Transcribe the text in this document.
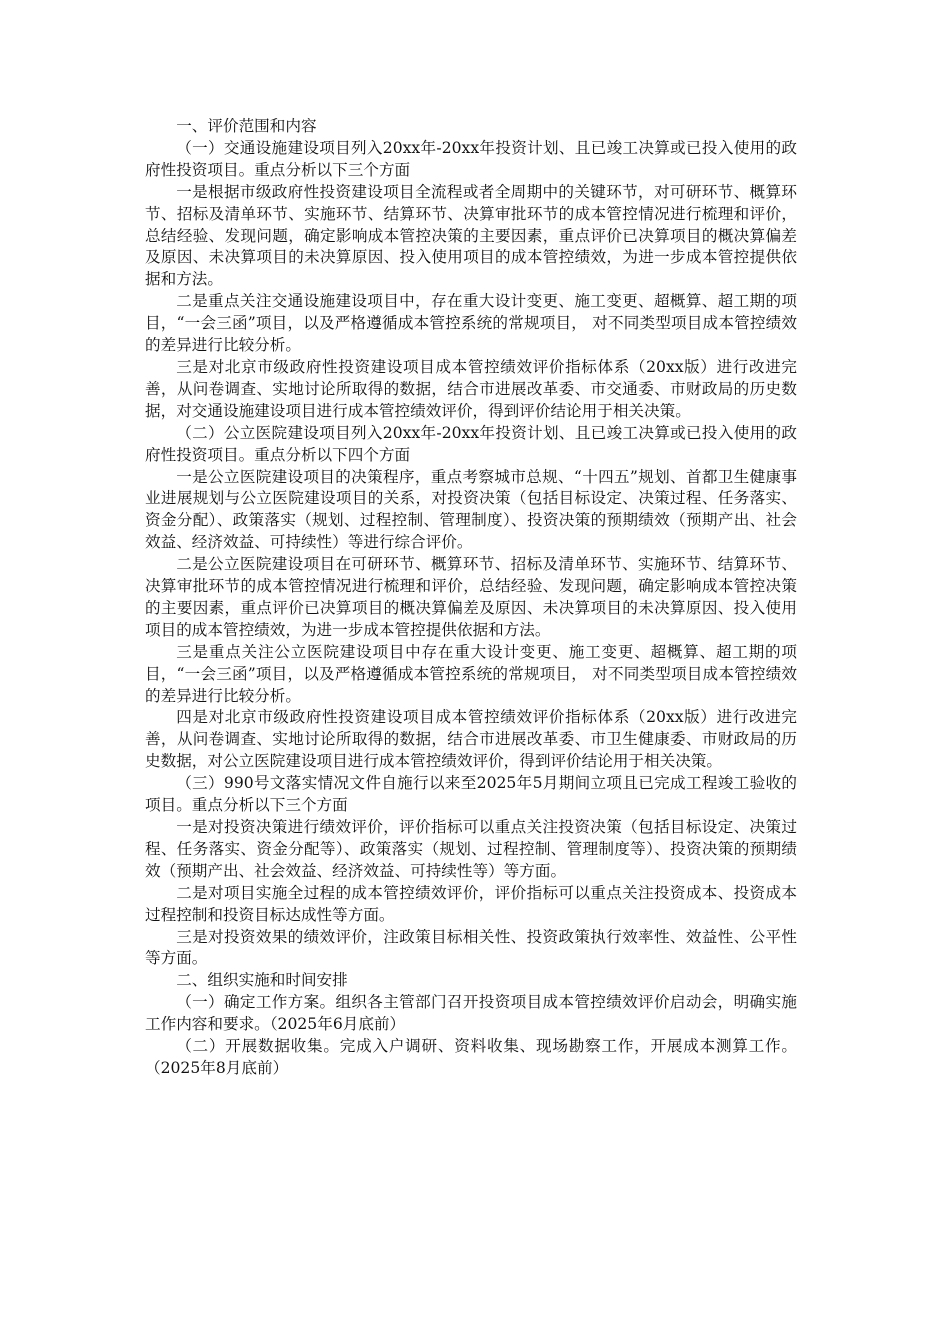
一、评价范围和内容

（一）交通设施建设项目列入20xx年-20xx年投资计划、且已竣工决算或已投入使用的政府性投资项目。重点分析以下三个方面

一是根据市级政府性投资建设项目全流程或者全周期中的关键环节，对可研环节、概算环节、招标及清单环节、实施环节、结算环节、决算审批环节的成本管控情况进行梳理和评价，总结经验、发现问题，确定影响成本管控决策的主要因素，重点评价已决算项目的概决算偏差及原因、未决算项目的未决算原因、投入使用项目的成本管控绩效，为进一步成本管控提供依据和方法。

二是重点关注交通设施建设项目中，存在重大设计变更、施工变更、超概算、超工期的项目，“一会三函”项目，以及严格遵循成本管控系统的常规项目， 对不同类型项目成本管控绩效的差异进行比较分析。

三是对北京市级政府性投资建设项目成本管控绩效评价指标体系（20xx版）进行改进完善，从问卷调查、实地讨论所取得的数据，结合市进展改革委、市交通委、市财政局的历史数据，对交通设施建设项目进行成本管控绩效评价，得到评价结论用于相关决策。

（二）公立医院建设项目列入20xx年-20xx年投资计划、且已竣工决算或已投入使用的政府性投资项目。重点分析以下四个方面

一是公立医院建设项目的决策程序，重点考察城市总规、“十四五”规划、首都卫生健康事业进展规划与公立医院建设项目的关系，对投资决策（包括目标设定、决策过程、任务落实、资金分配）、政策落实（规划、过程控制、管理制度）、投资决策的预期绩效（预期产出、社会效益、经济效益、可持续性）等进行综合评价。

二是公立医院建设项目在可研环节、概算环节、招标及清单环节、实施环节、结算环节、决算审批环节的成本管控情况进行梳理和评价，总结经验、发现问题，确定影响成本管控决策的主要因素，重点评价已决算项目的概决算偏差及原因、未决算项目的未决算原因、投入使用项目的成本管控绩效，为进一步成本管控提供依据和方法。

三是重点关注公立医院建设项目中存在重大设计变更、施工变更、超概算、超工期的项目，“一会三函”项目，以及严格遵循成本管控系统的常规项目， 对不同类型项目成本管控绩效的差异进行比较分析。

四是对北京市级政府性投资建设项目成本管控绩效评价指标体系（20xx版）进行改进完善，从问卷调查、实地讨论所取得的数据，结合市进展改革委、市卫生健康委、市财政局的历史数据，对公立医院建设项目进行成本管控绩效评价，得到评价结论用于相关决策。

（三）990号文落实情况文件自施行以来至2025年5月期间立项且已完成工程竣工验收的项目。重点分析以下三个方面

一是对投资决策进行绩效评价，评价指标可以重点关注投资决策（包括目标设定、决策过程、任务落实、资金分配等）、政策落实（规划、过程控制、管理制度等）、投资决策的预期绩效（预期产出、社会效益、经济效益、可持续性等）等方面。

二是对项目实施全过程的成本管控绩效评价，评价指标可以重点关注投资成本、投资成本过程控制和投资目标达成性等方面。

三是对投资效果的绩效评价，注政策目标相关性、投资政策执行效率性、效益性、公平性等方面。

二、组织实施和时间安排

（一）确定工作方案。组织各主管部门召开投资项目成本管控绩效评价启动会，明确实施工作内容和要求。（2025年6月底前）

（二）开展数据收集。完成入户调研、资料收集、现场勘察工作，开展成本测算工作。（2025年8月底前）
